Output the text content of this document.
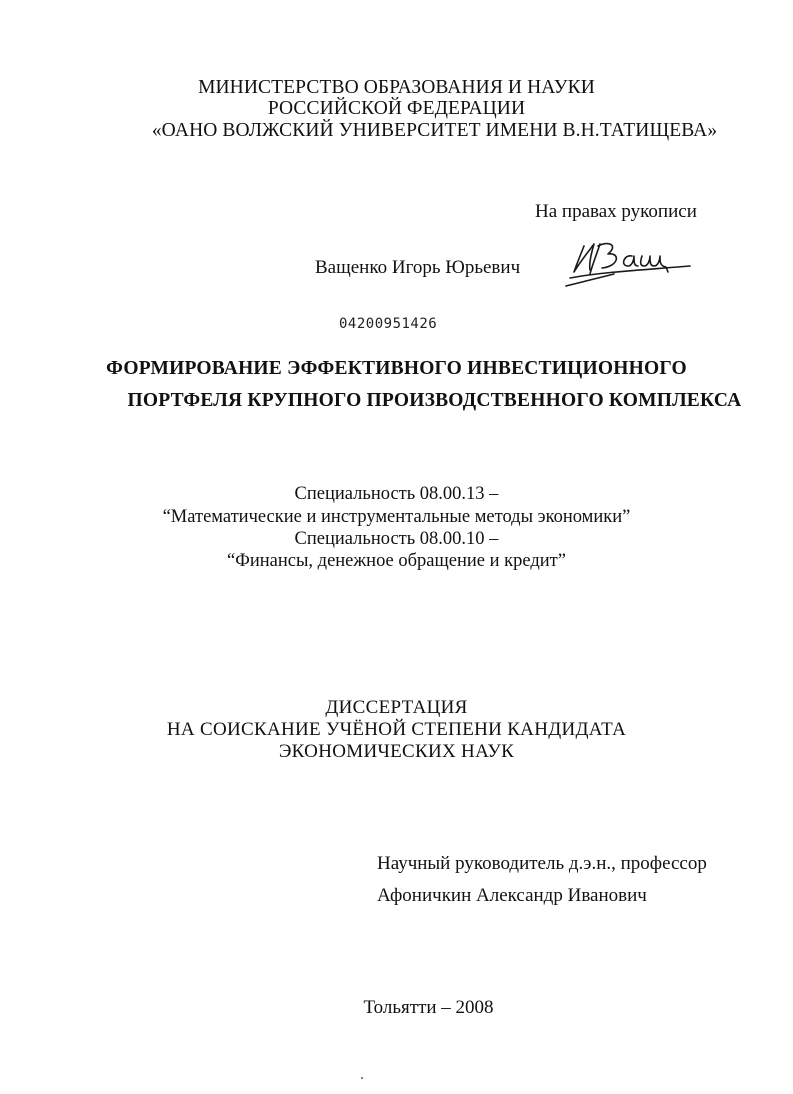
МИНИСТЕРСТВО ОБРАЗОВАНИЯ И НАУКИ
РОССИЙСКОЙ ФЕДЕРАЦИИ
«ОАНО ВОЛЖСКИЙ УНИВЕРСИТЕТ ИМЕНИ В.Н.ТАТИЩЕВА»
На правах рукописи
Ващенко Игорь Юрьевич
04200951426
ФОРМИРОВАНИЕ ЭФФЕКТИВНОГО ИНВЕСТИЦИОННОГО
ПОРТФЕЛЯ КРУПНОГО ПРОИЗВОДСТВЕННОГО КОМПЛЕКСА
Специальность 08.00.13 –
“Математические и инструментальные методы экономики”
Специальность 08.00.10 –
“Финансы, денежное обращение и кредит”
ДИССЕРТАЦИЯ
НА СОИСКАНИЕ УЧЁНОЙ СТЕПЕНИ КАНДИДАТА
ЭКОНОМИЧЕСКИХ НАУК
Научный руководитель д.э.н., профессор
Афоничкин Александр Иванович
Тольятти – 2008
